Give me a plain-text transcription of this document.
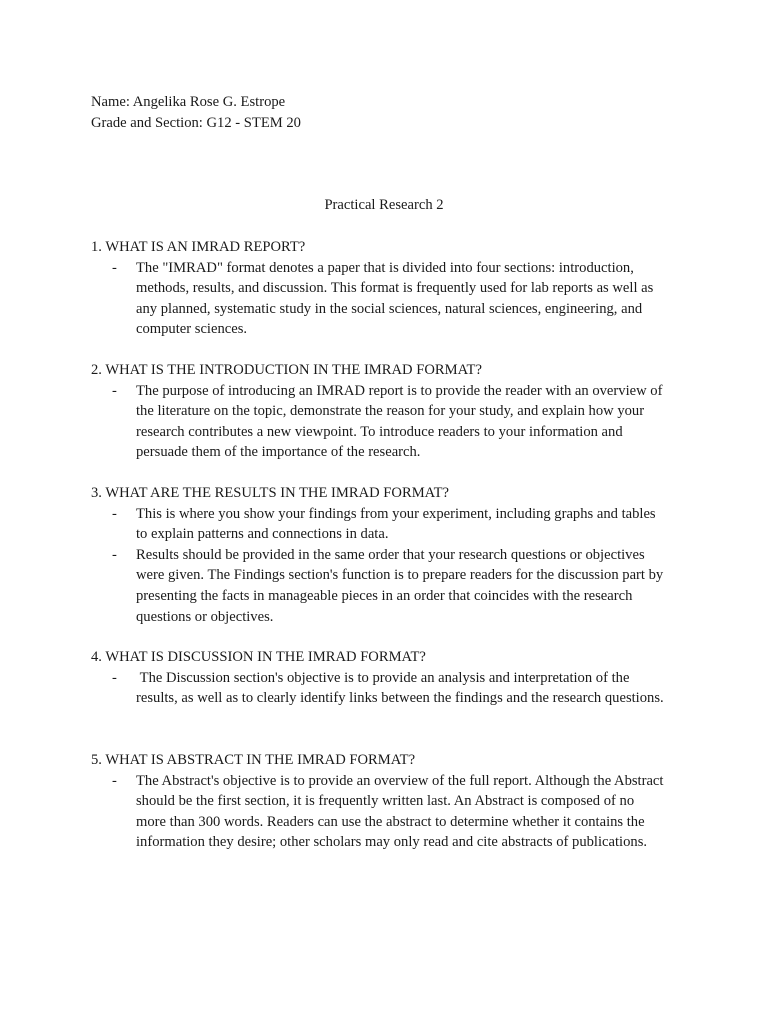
Name: Angelika Rose G. Estrope
Grade and Section: G12 - STEM 20
Practical Research 2
1. WHAT IS AN IMRAD REPORT?
- The "IMRAD" format denotes a paper that is divided into four sections: introduction, methods, results, and discussion. This format is frequently used for lab reports as well as any planned, systematic study in the social sciences, natural sciences, engineering, and computer sciences.
2. WHAT IS THE INTRODUCTION IN THE IMRAD FORMAT?
- The purpose of introducing an IMRAD report is to provide the reader with an overview of the literature on the topic, demonstrate the reason for your study, and explain how your research contributes a new viewpoint. To introduce readers to your information and persuade them of the importance of the research.
3. WHAT ARE THE RESULTS IN THE IMRAD FORMAT?
- This is where you show your findings from your experiment, including graphs and tables to explain patterns and connections in data.
- Results should be provided in the same order that your research questions or objectives were given. The Findings section's function is to prepare readers for the discussion part by presenting the facts in manageable pieces in an order that coincides with the research questions or objectives.
4. WHAT IS DISCUSSION IN THE IMRAD FORMAT?
- The Discussion section's objective is to provide an analysis and interpretation of the results, as well as to clearly identify links between the findings and the research questions.
5. WHAT IS ABSTRACT IN THE IMRAD FORMAT?
- The Abstract's objective is to provide an overview of the full report. Although the Abstract should be the first section, it is frequently written last. An Abstract is composed of no more than 300 words. Readers can use the abstract to determine whether it contains the information they desire; other scholars may only read and cite abstracts of publications.
